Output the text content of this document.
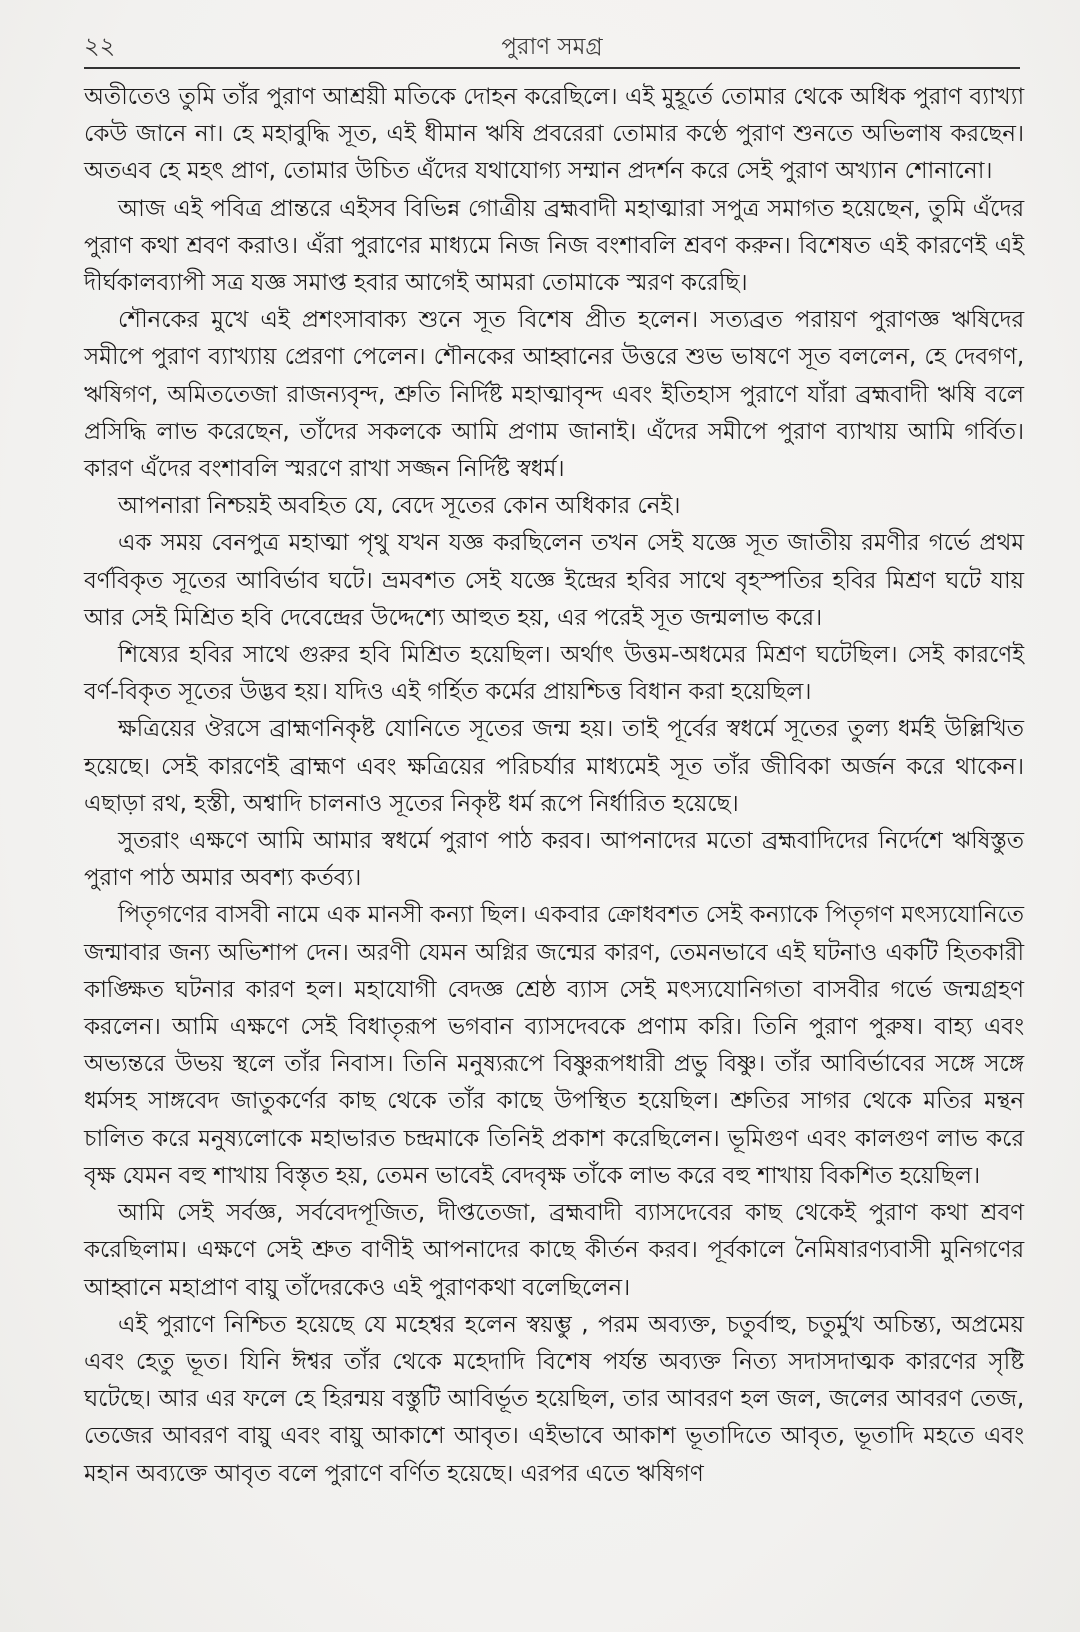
২২	পুরাণ সমগ্র

অতীতেও তুমি তাঁর পুরাণ আশ্রয়ী মতিকে দোহন করেছিলে। এই মুহূর্তে তোমার থেকে অধিক পুরাণ ব্যাখ্যা কেউ জানে না। হে মহাবুদ্ধি সূত, এই ধীমান ঋষি প্রবরেরা তোমার কণ্ঠে পুরাণ শুনতে অভিলাষ করছেন। অতএব হে মহৎ প্রাণ, তোমার উচিত এঁদের যথাযোগ্য সম্মান প্রদর্শন করে সেই পুরাণ অখ্যান শোনানো।

আজ এই পবিত্র প্রান্তরে এইসব বিভিন্ন গোত্রীয় ব্রহ্মবাদী মহাত্মারা সপুত্র সমাগত হয়েছেন, তুমি এঁদের পুরাণ কথা শ্রবণ করাও। এঁরা পুরাণের মাধ্যমে নিজ নিজ বংশাবলি শ্রবণ করুন। বিশেষত এই কারণেই এই দীর্ঘকালব্যাপী সত্র যজ্ঞ সমাপ্ত হবার আগেই আমরা তোমাকে স্মরণ করেছি।

শৌনকের মুখে এই প্রশংসাবাক্য শুনে সূত বিশেষ প্রীত হলেন। সত্যব্রত পরায়ণ পুরাণজ্ঞ ঋষিদের সমীপে পুরাণ ব্যাখ্যায় প্রেরণা পেলেন। শৌনকের আহ্বানের উত্তরে শুভ ভাষণে সূত বললেন, হে দেবগণ, ঋষিগণ, অমিততেজা রাজন্যবৃন্দ, শ্রুতি নির্দিষ্ট মহাত্মাবৃন্দ এবং ইতিহাস পুরাণে যাঁরা ব্রহ্মবাদী ঋষি বলে প্রসিদ্ধি লাভ করেছেন, তাঁদের সকলকে আমি প্রণাম জানাই। এঁদের সমীপে পুরাণ ব্যাখায় আমি গর্বিত। কারণ এঁদের বংশাবলি স্মরণে রাখা সজ্জন নির্দিষ্ট স্বধর্ম।

আপনারা নিশ্চয়ই অবহিত যে, বেদে সূতের কোন অধিকার নেই।

এক সময় বেনপুত্র মহাত্মা পৃথু যখন যজ্ঞ করছিলেন তখন সেই যজ্ঞে সূত জাতীয় রমণীর গর্ভে প্রথম বর্ণবিকৃত সূতের আবির্ভাব ঘটে। ভ্রমবশত সেই যজ্ঞে ইন্দ্রের হবির সাথে বৃহস্পতির হবির মিশ্রণ ঘটে যায় আর সেই মিশ্রিত হবি দেবেন্দ্রের উদ্দেশ্যে আহুত হয়, এর পরেই সূত জন্মলাভ করে।

শিষ্যের হবির সাথে গুরুর হবি মিশ্রিত হয়েছিল। অর্থাৎ উত্তম-অধমের মিশ্রণ ঘটেছিল। সেই কারণেই বর্ণ-বিকৃত সূতের উদ্ভব হয়। যদিও এই গর্হিত কর্মের প্রায়শ্চিত্ত বিধান করা হয়েছিল।

ক্ষত্রিয়ের ঔরসে ব্রাহ্মণনিকৃষ্ট যোনিতে সূতের জন্ম হয়। তাই পূর্বের স্বধর্মে সূতের তুল্য ধর্মই উল্লিখিত হয়েছে। সেই কারণেই ব্রাহ্মণ এবং ক্ষত্রিয়ের পরিচর্যার মাধ্যমেই সূত তাঁর জীবিকা অর্জন করে থাকেন। এছাড়া রথ, হস্তী, অশ্বাদি চালনাও সূতের নিকৃষ্ট ধর্ম রূপে নির্ধারিত হয়েছে।

সুতরাং এক্ষণে আমি আমার স্বধর্মে পুরাণ পাঠ করব। আপনাদের মতো ব্রহ্মবাদিদের নির্দেশে ঋষিস্তুত পুরাণ পাঠ অমার অবশ্য কর্তব্য।

পিতৃগণের বাসবী নামে এক মানসী কন্যা ছিল। একবার ক্রোধবশত সেই কন্যাকে পিতৃগণ মৎস্যযোনিতে জন্মাবার জন্য অভিশাপ দেন। অরণী যেমন অগ্নির জন্মের কারণ, তেমনভাবে এই ঘটনাও একটি হিতকারী কাঙ্ক্ষিত ঘটনার কারণ হল। মহাযোগী বেদজ্ঞ শ্রেষ্ঠ ব্যাস সেই মৎস্যযোনিগতা বাসবীর গর্ভে জন্মগ্রহণ করলেন। আমি এক্ষণে সেই বিধাতৃরূপ ভগবান ব্যাসদেবকে প্রণাম করি। তিনি পুরাণ পুরুষ। বাহ্য এবং অভ্যন্তরে উভয় স্থলে তাঁর নিবাস। তিনি মনুষ্যরূপে বিষ্ণুরূপধারী প্রভু বিষ্ণু। তাঁর আবির্ভাবের সঙ্গে সঙ্গে ধর্মসহ সাঙ্গবেদ জাতুকর্ণের কাছ থেকে তাঁর কাছে উপস্থিত হয়েছিল। শ্রুতির সাগর থেকে মতির মন্থন চালিত করে মনুষ্যলোকে মহাভারত চন্দ্রমাকে তিনিই প্রকাশ করেছিলেন। ভূমিগুণ এবং কালগুণ লাভ করে বৃক্ষ যেমন বহু শাখায় বিস্তৃত হয়, তেমন ভাবেই বেদবৃক্ষ তাঁকে লাভ করে বহু শাখায় বিকশিত হয়েছিল।

আমি সেই সর্বজ্ঞ, সর্ববেদপূজিত, দীপ্ততেজা, ব্রহ্মবাদী ব্যাসদেবের কাছ থেকেই পুরাণ কথা শ্রবণ করেছিলাম। এক্ষণে সেই শ্রুত বাণীই আপনাদের কাছে কীর্তন করব। পূর্বকালে নৈমিষারণ্যবাসী মুনিগণের আহ্বানে মহাপ্রাণ বায়ু তাঁদেরকেও এই পুরাণকথা বলেছিলেন।

এই পুরাণে নিশ্চিত হয়েছে যে মহেশ্বর হলেন স্বয়ম্ভু , পরম অব্যক্ত, চতুর্বাহু, চতুর্মুখ অচিন্ত্য, অপ্রমেয় এবং হেতু ভূত। যিনি ঈশ্বর তাঁর থেকে মহেদাদি বিশেষ পর্যন্ত অব্যক্ত নিত্য সদাসদাত্মক কারণের সৃষ্টি ঘটেছে। আর এর ফলে হে হিরন্ময় বস্তুটি আবির্ভূত হয়েছিল, তার আবরণ হল জল, জলের আবরণ তেজ, তেজের আবরণ বায়ু এবং বায়ু আকাশে আবৃত। এইভাবে আকাশ ভূতাদিতে আবৃত, ভূতাদি মহতে এবং মহান অব্যক্তে আবৃত বলে পুরাণে বর্ণিত হয়েছে। এরপর এতে ঋষিগণ
